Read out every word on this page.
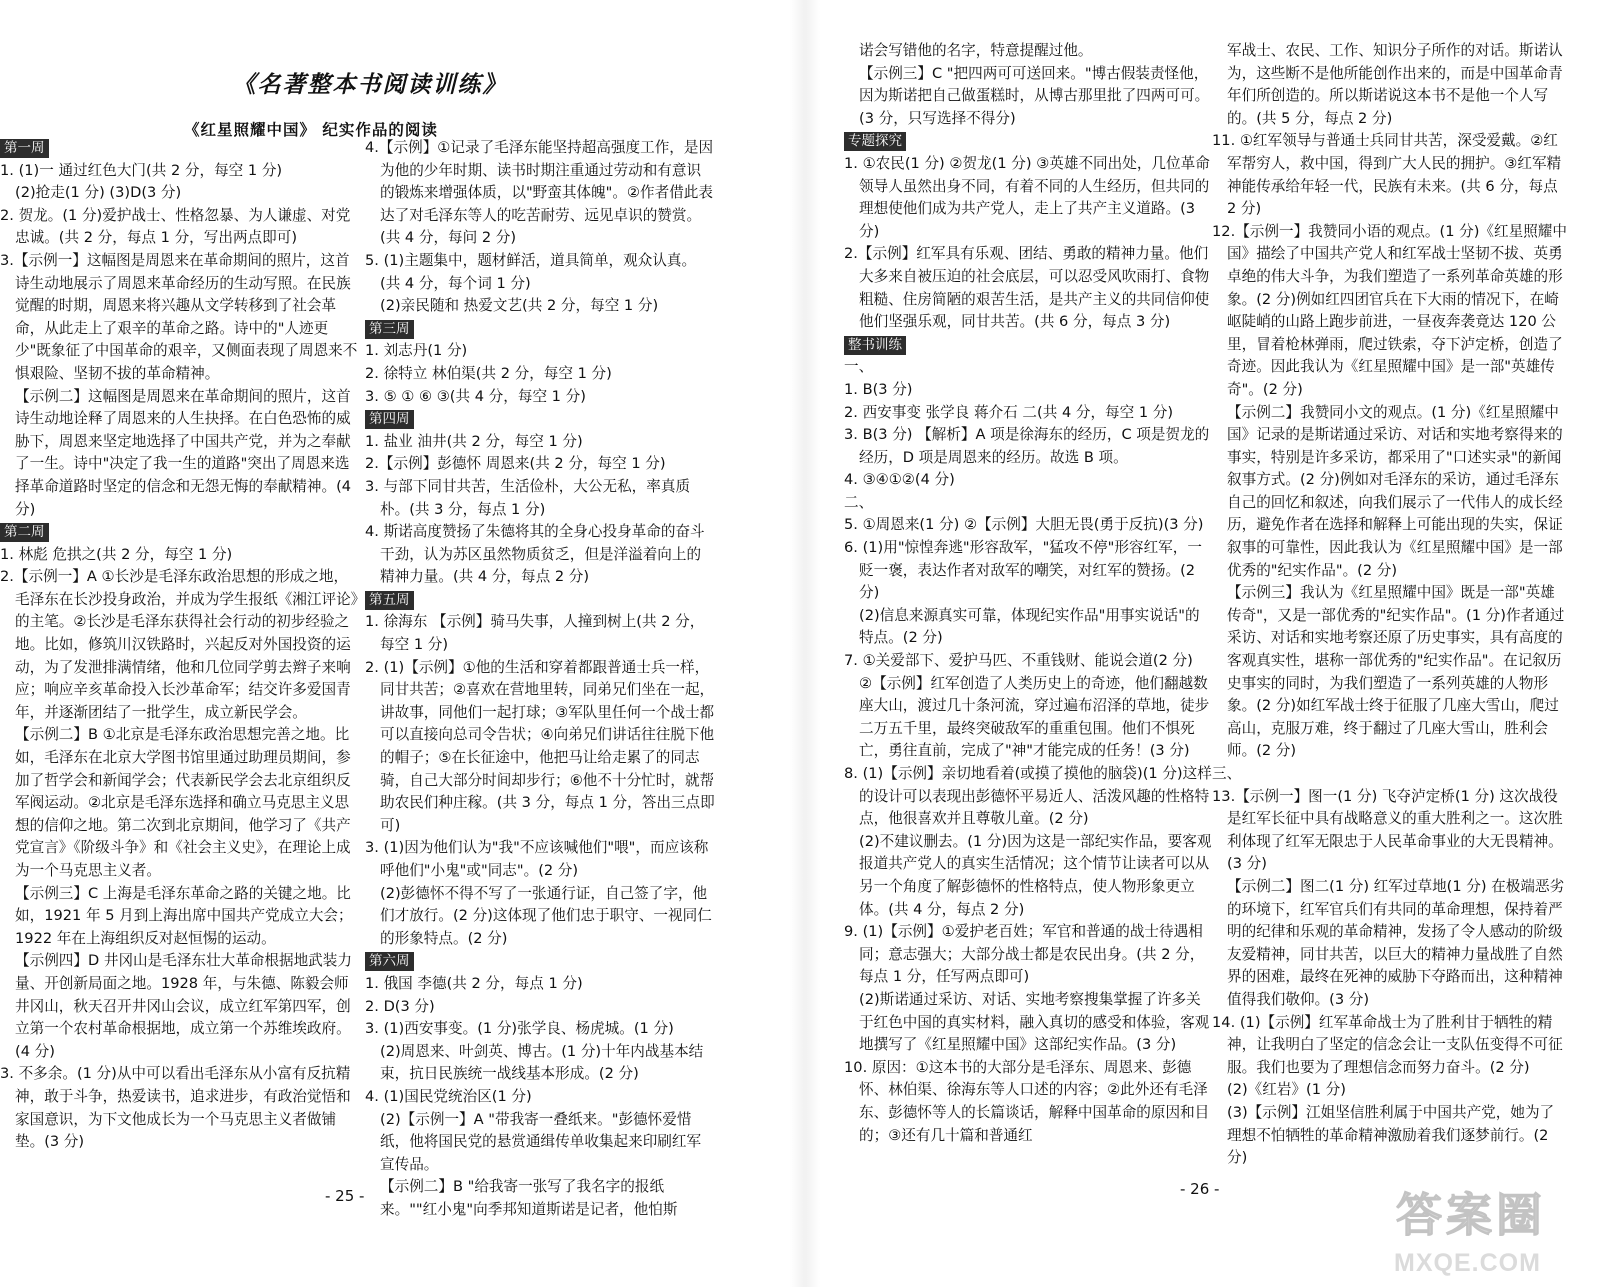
《名著整本书阅读训练》
《红星照耀中国》 纪实作品的阅读
第一周

1. (1)一 通过红色大门(共 2 分，每空 1 分)

(2)抢走(1 分) (3)D(3 分)

2. 贺龙。(1 分)爱护战士、性格忽暴、为人谦虚、对党忠诚。(共 2 分，每点 1 分，写出两点即可)

3.【示例一】这幅图是周恩来在革命期间的照片，这首诗生动地展示了周恩来革命经历的生动写照。在民族觉醒的时期，周恩来将兴趣从文学转移到了社会革命，从此走上了艰辛的革命之路。诗中的"人迹更少"既象征了中国革命的艰辛，又侧面表现了周恩来不惧艰险、坚韧不拔的革命精神。

【示例二】这幅图是周恩来在革命期间的照片，这首诗生动地诠释了周恩来的人生抉择。在白色恐怖的威胁下，周恩来坚定地选择了中国共产党，并为之奉献了一生。诗中"决定了我一生的道路"突出了周恩来选择革命道路时坚定的信念和无怨无悔的奉献精神。(4 分)

第二周

1. 林彪 危拱之(共 2 分，每空 1 分)

2.【示例一】A ①长沙是毛泽东政治思想的形成之地，毛泽东在长沙投身政治，并成为学生报纸《湘江评论》的主笔。②长沙是毛泽东获得社会行动的初步经验之地。比如，修筑川汉铁路时，兴起反对外国投资的运动，为了发泄排满情绪，他和几位同学剪去辫子来响应；响应辛亥革命投入长沙革命军；结交许多爱国青年，并逐渐团结了一批学生，成立新民学会。

【示例二】B ①北京是毛泽东政治思想完善之地。比如，毛泽东在北京大学图书馆里通过助理员期间，参加了哲学会和新闻学会；代表新民学会去北京组织反军阀运动。②北京是毛泽东选择和确立马克思主义思想的信仰之地。第二次到北京期间，他学习了《共产党宣言》《阶级斗争》和《社会主义史》，在理论上成为一个马克思主义者。

【示例三】C 上海是毛泽东革命之路的关键之地。比如，1921 年 5 月到上海出席中国共产党成立大会；1922 年在上海组织反对赵恒惕的运动。

【示例四】D 井冈山是毛泽东壮大革命根据地武装力量、开创新局面之地。1928 年，与朱德、陈毅会师井冈山，秋天召开井冈山会议，成立红军第四军，创立第一个农村革命根据地，成立第一个苏维埃政府。(4 分)

3. 不多余。(1 分)从中可以看出毛泽东从小富有反抗精神，敢于斗争，热爱读书，追求进步，有政治觉悟和家国意识，为下文他成长为一个马克思主义者做铺垫。(3 分)

4.【示例】①记录了毛泽东能坚持超高强度工作，是因为他的少年时期、读书时期注重通过劳动和有意识的锻炼来增强体质，以"野蛮其体魄"。②作者借此表达了对毛泽东等人的吃苦耐劳、远见卓识的赞赏。(共 4 分，每问 2 分)

5. (1)主题集中，题材鲜活，道具简单，观众认真。(共 4 分，每个词 1 分)

(2)亲民随和 热爱文艺(共 2 分，每空 1 分)

第三周

1. 刘志丹(1 分)

2. 徐特立 林伯渠(共 2 分，每空 1 分)

3. ⑤ ① ⑥ ③(共 4 分，每空 1 分)

第四周

1. 盐业 油井(共 2 分，每空 1 分)

2.【示例】彭德怀 周恩来(共 2 分，每空 1 分)

3. 与部下同甘共苦，生活俭朴，大公无私，率真质朴。(共 3 分，每点 1 分)

4. 斯诺高度赞扬了朱德将其的全身心投身革命的奋斗干劲，认为苏区虽然物质贫乏，但是洋溢着向上的精神力量。(共 4 分，每点 2 分)

第五周

1. 徐海东 【示例】骑马失事，人撞到树上(共 2 分，每空 1 分)

2. (1)【示例】①他的生活和穿着都跟普通士兵一样，同甘共苦；②喜欢在营地里转，同弟兄们坐在一起，讲故事，同他们一起打球；③军队里任何一个战士都可以直接向总司令告状；④向弟兄们讲话往往脱下他的帽子；⑤在长征途中，他把马让给走累了的同志骑，自己大部分时间却步行；⑥他不十分忙时，就帮助农民们种庄稼。(共 3 分，每点 1 分，答出三点即可)

3. (1)因为他们认为"我"不应该喊他们"喂"，而应该称呼他们"小鬼"或"同志"。(2 分)

(2)彭德怀不得不写了一张通行证，自己签了字，他们才放行。(2 分)这体现了他们忠于职守、一视同仁的形象特点。(2 分)

第六周

1. 俄国 李德(共 2 分，每点 1 分)

2. D(3 分)

3. (1)西安事变。(1 分)张学良、杨虎城。(1 分)

(2)周恩来、叶剑英、博古。(1 分)十年内战基本结束，抗日民族统一战线基本形成。(2 分)

4. (1)国民党统治区(1 分)

(2)【示例一】A "带我寄一叠纸来。"彭德怀爱惜纸，他将国民党的悬赏通缉传单收集起来印刷红军宣传品。

【示例二】B "给我寄一张写了我名字的报纸来。""红小鬼"向季邦知道斯诺是记者，他怕斯

- 25 -

诺会写错他的名字，特意提醒过他。

【示例三】C "把四两可可送回来。"博古假装责怪他，因为斯诺把自己做蛋糕时，从博古那里批了四两可可。(3 分，只写选择不得分)

专题探究

1. ①农民(1 分) ②贺龙(1 分) ③英雄不同出处，几位革命领导人虽然出身不同，有着不同的人生经历，但共同的理想使他们成为共产党人，走上了共产主义道路。(3 分)

2.【示例】红军具有乐观、团结、勇敢的精神力量。他们大多来自被压迫的社会底层，可以忍受风吹雨打、食物粗糙、住房简陋的艰苦生活，是共产主义的共同信仰使他们坚强乐观，同甘共苦。(共 6 分，每点 3 分)

整书训练

一、

1. B(3 分)

2. 西安事变 张学良 蒋介石 二(共 4 分，每空 1 分)

3. B(3 分) 【解析】A 项是徐海东的经历，C 项是贺龙的经历，D 项是周恩来的经历。故选 B 项。

4. ③④①②(4 分)

二、

5. ①周恩来(1 分) ②【示例】大胆无畏(勇于反抗)(3 分)

6. (1)用"惊惶奔逃"形容敌军，"猛攻不停"形容红军，一贬一褒，表达作者对敌军的嘲笑，对红军的赞扬。(2 分)

(2)信息来源真实可靠，体现纪实作品"用事实说话"的特点。(2 分)

7. ①关爱部下、爱护马匹、不重钱财、能说会道(2 分)

②【示例】红军创造了人类历史上的奇迹，他们翻越数座大山，渡过几十条河流，穿过遍布沼泽的草地，徒步二万五千里，最终突破敌军的重重包围。他们不惧死亡，勇往直前，完成了"神"才能完成的任务！(3 分)

8. (1)【示例】亲切地看着(或摸了摸他的脑袋)(1 分)这样的设计可以表现出彭德怀平易近人、活泼风趣的性格特点，他很喜欢并且尊敬儿童。(2 分)

(2)不建议删去。(1 分)因为这是一部纪实作品，要客观报道共产党人的真实生活情况；这个情节让读者可以从另一个角度了解彭德怀的性格特点，使人物形象更立体。(共 4 分，每点 2 分)

9. (1)【示例】①爱护老百姓；军官和普通的战士待遇相同；意志强大；大部分战士都是农民出身。(共 2 分，每点 1 分，任写两点即可)

(2)斯诺通过采访、对话、实地考察搜集掌握了许多关于红色中国的真实材料，融入真切的感受和体验，客观地撰写了《红星照耀中国》这部纪实作品。(3 分)

10. 原因：①这本书的大部分是毛泽东、周恩来、彭德怀、林伯渠、徐海东等人口述的内容；②此外还有毛泽东、彭德怀等人的长篇谈话，解释中国革命的原因和目的；③还有几十篇和普通红

军战士、农民、工作、知识分子所作的对话。斯诺认为，这些断不是他所能创作出来的，而是中国革命青年们所创造的。所以斯诺说这本书不是他一个人写的。(共 5 分，每点 2 分)

11. ①红军领导与普通士兵同甘共苦，深受爱戴。②红军帮穷人，救中国，得到广大人民的拥护。③红军精神能传承给年轻一代，民族有未来。(共 6 分，每点 2 分)

12.【示例一】我赞同小语的观点。(1 分)《红星照耀中国》描绘了中国共产党人和红军战士坚韧不拔、英勇卓绝的伟大斗争，为我们塑造了一系列革命英雄的形象。(2 分)例如红四团官兵在下大雨的情况下，在崎岖陡峭的山路上跑步前进，一昼夜奔袭竟达 120 公里，冒着枪林弹雨，爬过铁索，夺下泸定桥，创造了奇迹。因此我认为《红星照耀中国》是一部"英雄传奇"。(2 分)

【示例二】我赞同小文的观点。(1 分)《红星照耀中国》记录的是斯诺通过采访、对话和实地考察得来的事实，特别是许多采访，都采用了"口述实录"的新闻叙事方式。(2 分)例如对毛泽东的采访，通过毛泽东自己的回忆和叙述，向我们展示了一代伟人的成长经历，避免作者在选择和解释上可能出现的失实，保证叙事的可靠性，因此我认为《红星照耀中国》是一部优秀的"纪实作品"。(2 分)

【示例三】我认为《红星照耀中国》既是一部"英雄传奇"，又是一部优秀的"纪实作品"。(1 分)作者通过采访、对话和实地考察还原了历史事实，具有高度的客观真实性，堪称一部优秀的"纪实作品"。在记叙历史事实的同时，为我们塑造了一系列英雄的人物形象。(2 分)如红军战士终于征服了几座大雪山，爬过高山，克服万难，终于翻过了几座大雪山，胜利会师。(2 分)

三、

13.【示例一】图一(1 分) 飞夺泸定桥(1 分) 这次战役是红军长征中具有战略意义的重大胜利之一。这次胜利体现了红军无限忠于人民革命事业的大无畏精神。(3 分)

【示例二】图二(1 分) 红军过草地(1 分) 在极端恶劣的环境下，红军官兵们有共同的革命理想，保持着严明的纪律和乐观的革命精神，发扬了令人感动的阶级友爱精神，同甘共苦，以巨大的精神力量战胜了自然界的困难，最终在死神的威胁下夺路而出，这种精神值得我们敬仰。(3 分)

14. (1)【示例】红军革命战士为了胜利甘于牺牲的精神，让我明白了坚定的信念会让一支队伍变得不可征服。我们也要为了理想信念而努力奋斗。(2 分)

(2)《红岩》(1 分)

(3)【示例】江姐坚信胜利属于中国共产党，她为了理想不怕牺牲的革命精神激励着我们逐梦前行。(2 分)

- 26 -	答案圈
MXQE.COM
